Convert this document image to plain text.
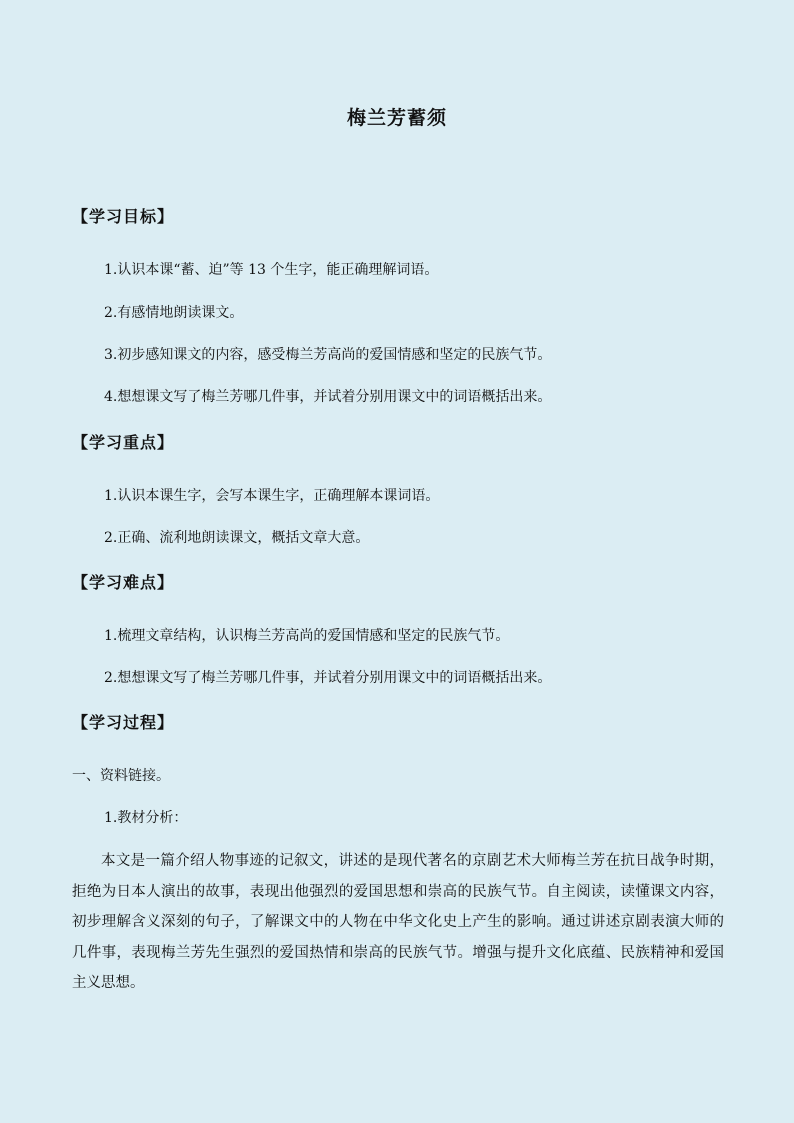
梅兰芳蓄须
【学习目标】
1.认识本课“蓄、迫”等 13 个生字，能正确理解词语。
2.有感情地朗读课文。
3.初步感知课文的内容，感受梅兰芳高尚的爱国情感和坚定的民族气节。
4.想想课文写了梅兰芳哪几件事，并试着分别用课文中的词语概括出来。
【学习重点】
1.认识本课生字，会写本课生字，正确理解本课词语。
2.正确、流利地朗读课文，概括文章大意。
【学习难点】
1.梳理文章结构，认识梅兰芳高尚的爱国情感和坚定的民族气节。
2.想想课文写了梅兰芳哪几件事，并试着分别用课文中的词语概括出来。
【学习过程】
一、资料链接。
1.教材分析：
本文是一篇介绍人物事迹的记叙文，讲述的是现代著名的京剧艺术大师梅兰芳在抗日战争时期，拒绝为日本人演出的故事，表现出他强烈的爱国思想和崇高的民族气节。自主阅读，读懂课文内容，初步理解含义深刻的句子，了解课文中的人物在中华文化史上产生的影响。通过讲述京剧表演大师的几件事，表现梅兰芳先生强烈的爱国热情和崇高的民族气节。增强与提升文化底蕴、民族精神和爱国主义思想。
